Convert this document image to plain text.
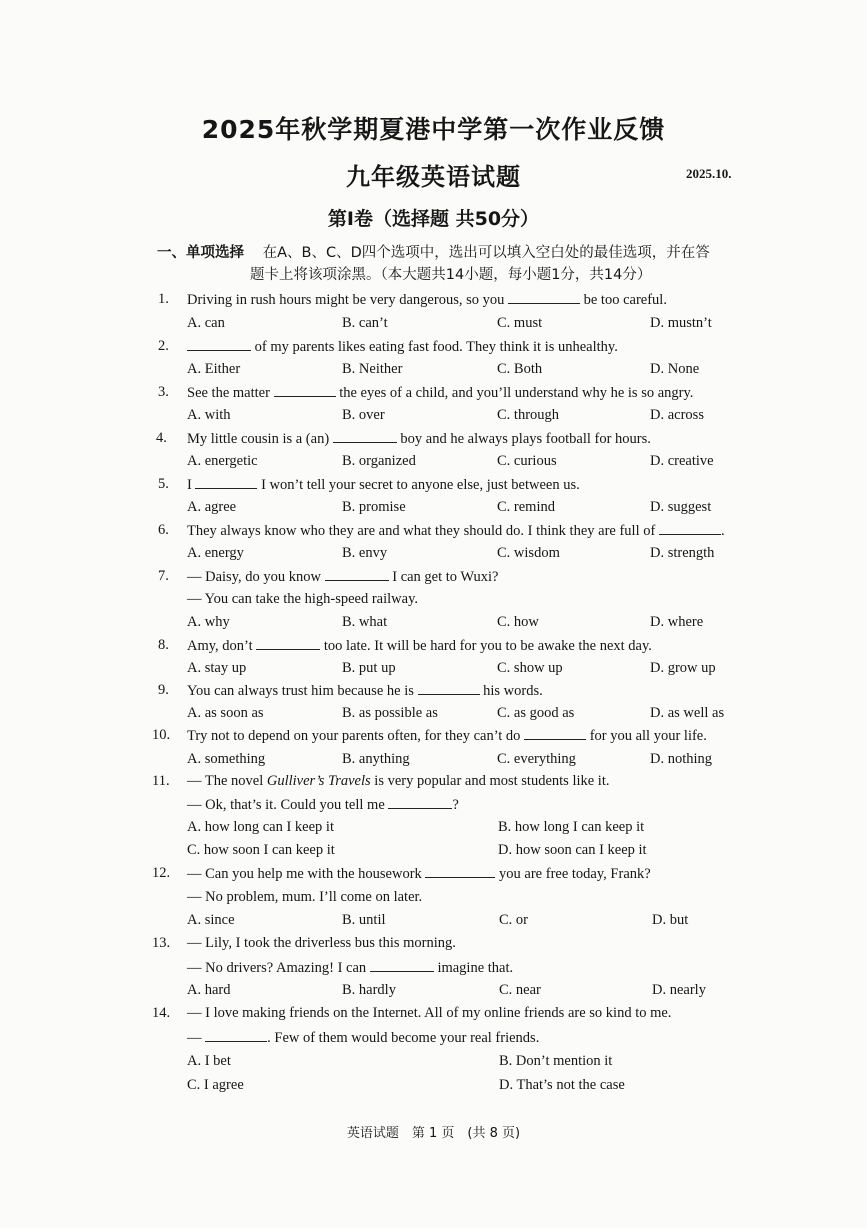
2025年秋学期夏港中学第一次作业反馈
九年级英语试题	2025.10.
第Ⅰ卷（选择题 共50分）
一、单项选择 在A、B、C、D四个选项中，选出可以填入空白处的最佳选项，并在答
题卡上将该项涂黑。（本大题共14小题，每小题1分，共14分）
1. Driving in rush hours might be very dangerous, so you	be too careful.
A. can	B. can’t	C. must	D. mustn’t
2.	of my parents likes eating fast food. They think it is unhealthy.
A. Either	B. Neither	C. Both	D. None
3. See the matter	the eyes of a child, and you’ll understand why he is so angry.
A. with	B. over	C. through	D. across
4. My little cousin is a (an)	boy and he always plays football for hours.
A. energetic	B. organized	C. curious	D. creative
5. I	I won’t tell your secret to anyone else, just between us.
A. agree	B. promise	C. remind	D. suggest
6. They always know who they are and what they should do. I think they are full of	.
A. energy	B. envy	C. wisdom	D. strength
7. — Daisy, do you know	I can get to Wuxi?
— You can take the high-speed railway.
A. why	B. what	C. how	D. where
8. Amy, don’t	too late. It will be hard for you to be awake the next day.
A. stay up	B. put up	C. show up	D. grow up
9. You can always trust him because he is	his words.
A. as soon as	B. as possible as	C. as good as	D. as well as
10. Try not to depend on your parents often, for they can’t do	for you all your life.
A. something	B. anything	C. everything	D. nothing
11. — The novel Gulliver’s Travels is very popular and most students like it.
— Ok, that’s it. Could you tell me	?
A. how long can I keep it	B. how long I can keep it
C. how soon I can keep it	D. how soon can I keep it
12. — Can you help me with the housework	you are free today, Frank?
— No problem, mum. I’ll come on later.
A. since	B. until	C. or	D. but
13. — Lily, I took the driverless bus this morning.
— No drivers? Amazing! I can	imagine that.
A. hard	B. hardly	C. near	D. nearly
14. — I love making friends on the Internet. All of my online friends are so kind to me.
—	. Few of them would become your real friends.
A. I bet	B. Don’t mention it
C. I agree	D. That’s not the case
英语试题　第 1 页　(共 8 页)
